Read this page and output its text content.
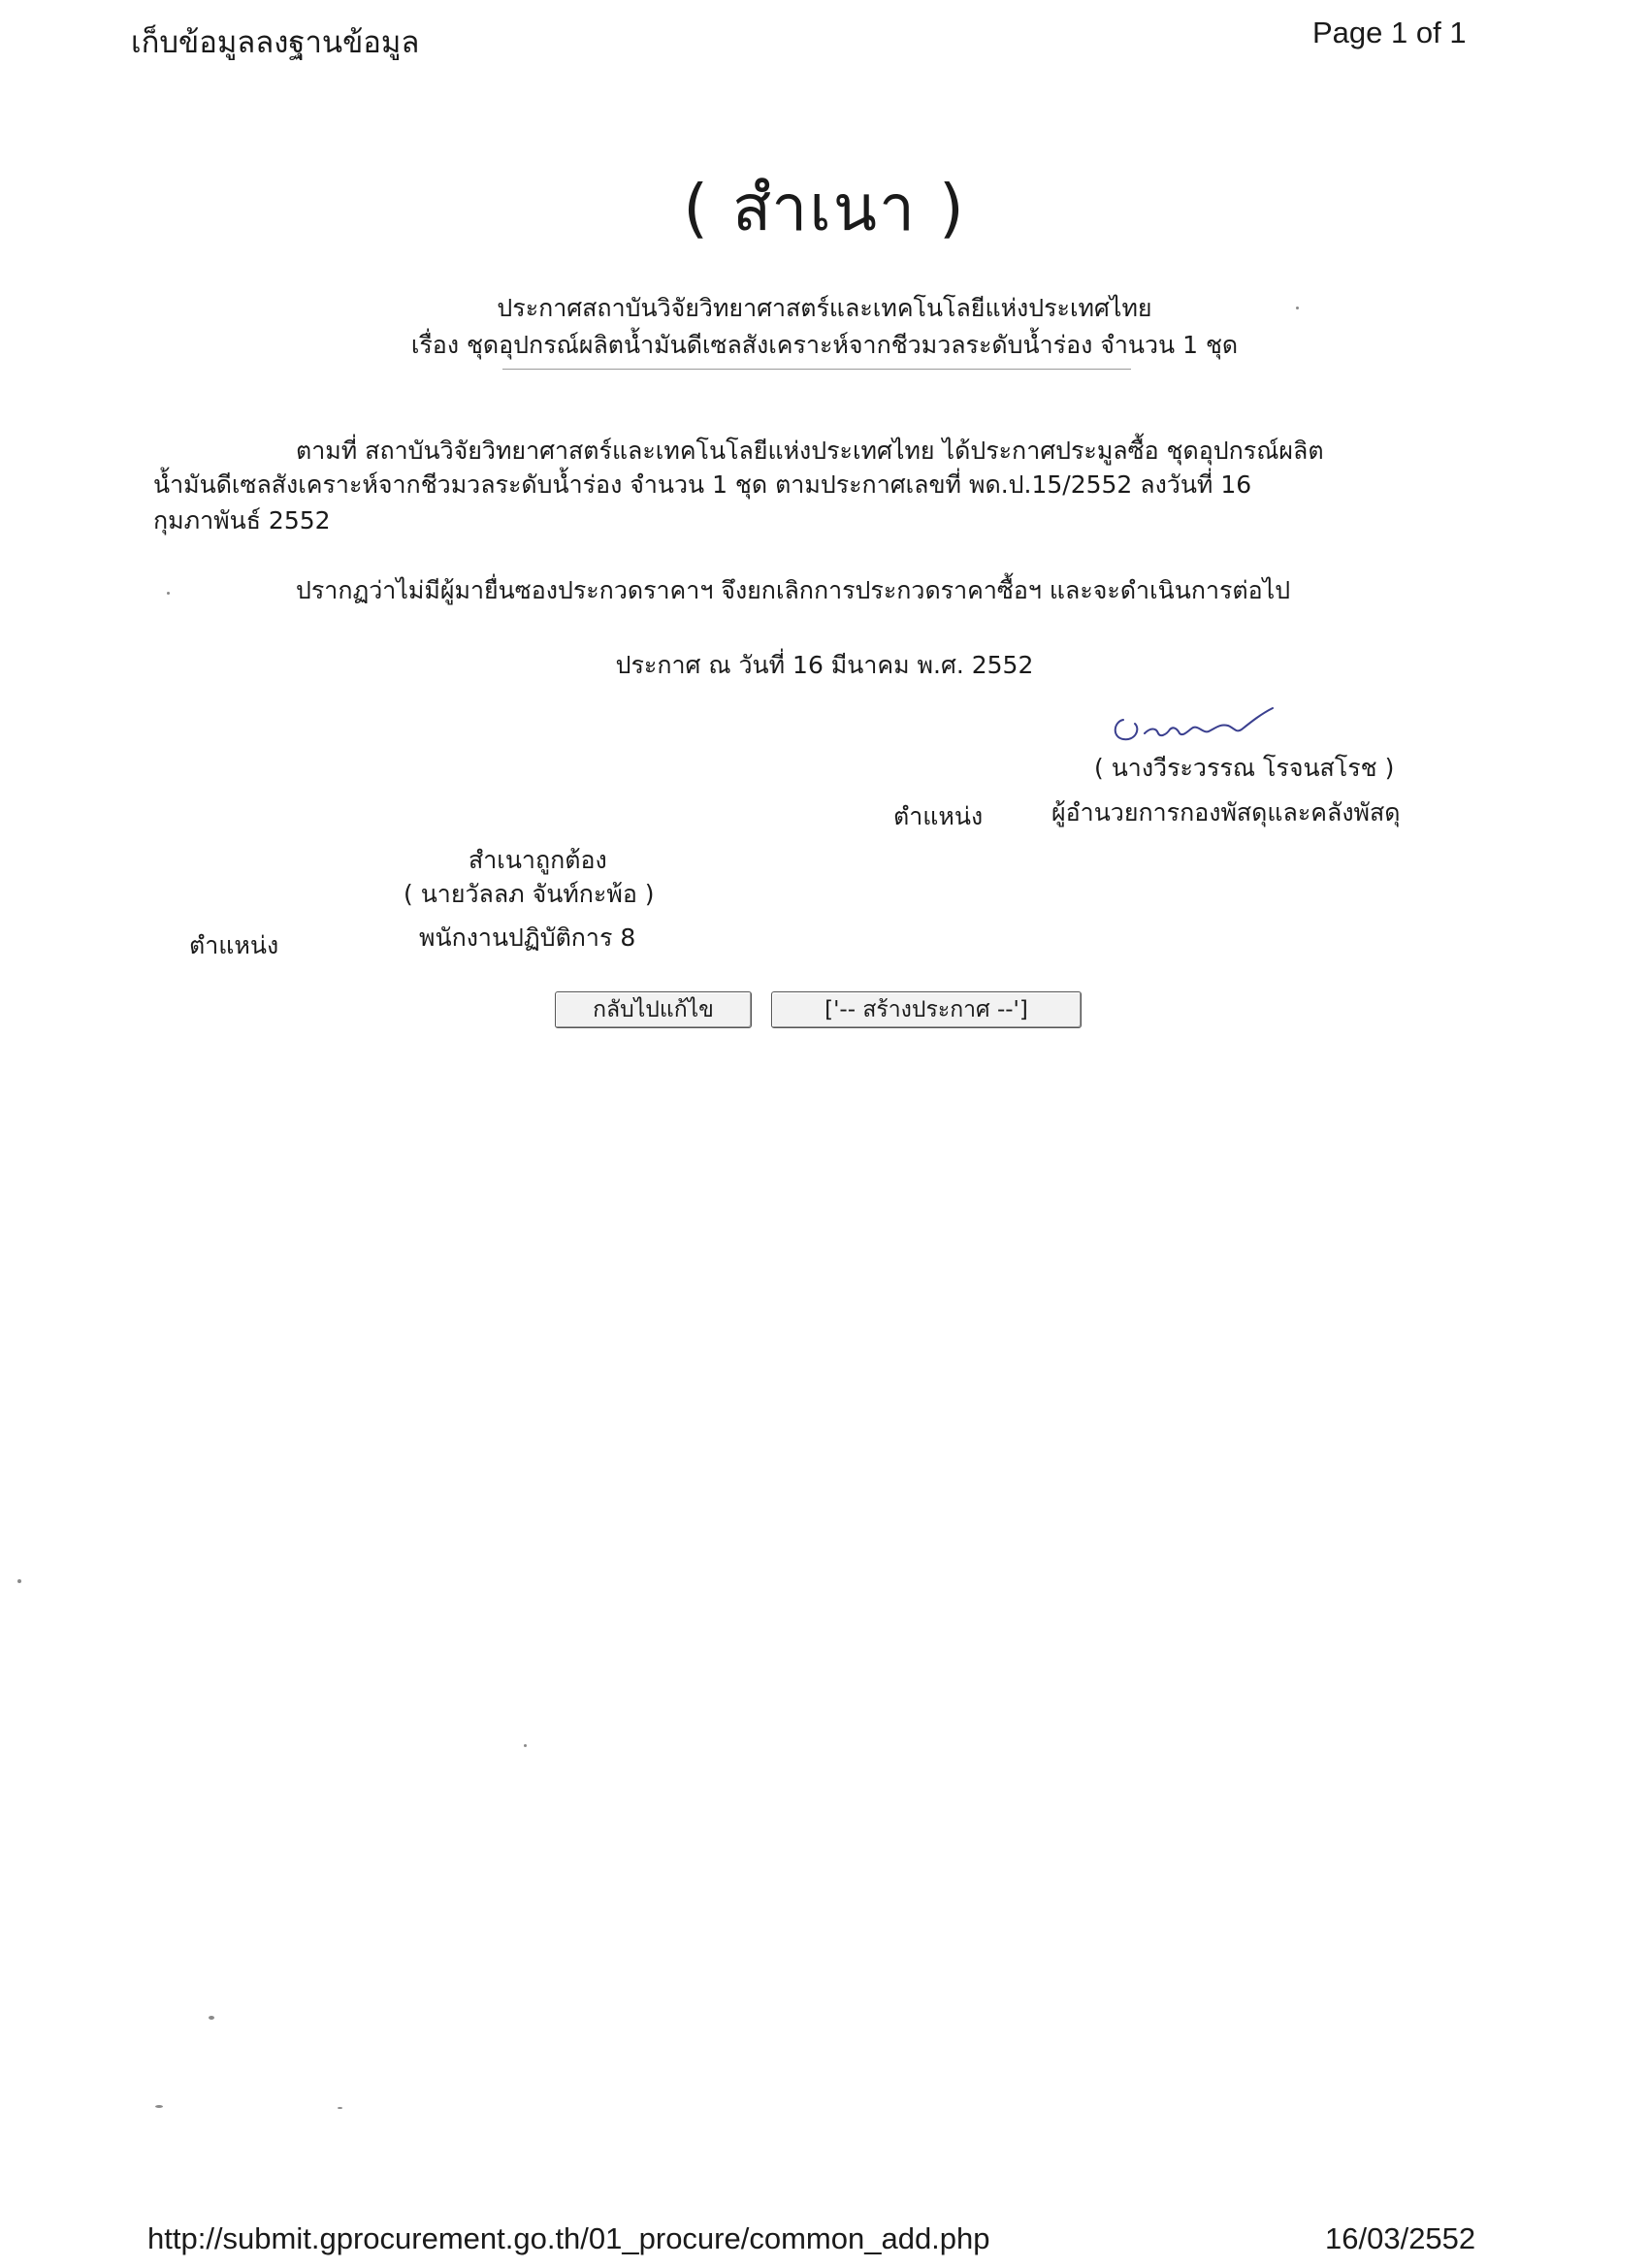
เก็บข้อมูลลงฐานข้อมูล	Page 1 of 1
( สำเนา )
ประกาศสถาบันวิจัยวิทยาศาสตร์และเทคโนโลยีแห่งประเทศไทย
เรื่อง ชุดอุปกรณ์ผลิตน้ำมันดีเซลสังเคราะห์จากชีวมวลระดับน้ำร่อง จำนวน 1 ชุด
ตามที่ สถาบันวิจัยวิทยาศาสตร์และเทคโนโลยีแห่งประเทศไทย ได้ประกาศประมูลซื้อ ชุดอุปกรณ์ผลิต
น้ำมันดีเซลสังเคราะห์จากชีวมวลระดับน้ำร่อง จำนวน 1 ชุด ตามประกาศเลขที่ พด.ป.15/2552 ลงวันที่ 16
กุมภาพันธ์ 2552
ปรากฏว่าไม่มีผู้มายื่นซองประกวดราคาฯ จึงยกเลิกการประกวดราคาซื้อฯ และจะดำเนินการต่อไป
ประกาศ ณ วันที่ 16 มีนาคม พ.ศ. 2552
( นางวีระวรรณ โรจนสโรช )
ตำแหน่ง	ผู้อำนวยการกองพัสดุและคลังพัสดุ
สำเนาถูกต้อง
( นายวัลลภ จันท์กะพ้อ )
ตำแหน่ง	พนักงานปฏิบัติการ 8
กลับไปแก้ไข	['-- สร้างประกาศ --']
http://submit.gprocurement.go.th/01_procure/common_add.php	16/03/2552
